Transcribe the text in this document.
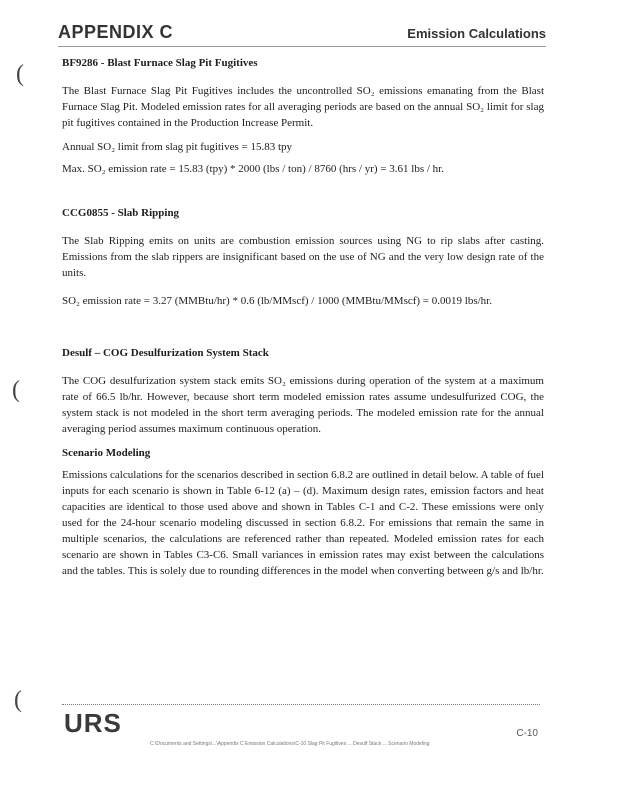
APPENDIX C	Emission Calculations
(
(
(

BF9286 - Blast Furnace Slag Pit Fugitives

The Blast Furnace Slag Pit Fugitives includes the uncontrolled SO₂ emissions emanating from the Blast Furnace Slag Pit. Modeled emission rates for all averaging periods are based on the annual SO₂ limit for slag pit fugitives contained in the Production Increase Permit.

Annual SO₂ limit from slag pit fugitives = 15.83 tpy

Max. SO₂ emission rate = 15.83 (tpy) * 2000 (lbs / ton) / 8760 (hrs / yr) = 3.61 lbs / hr.

CCG0855 - Slab Ripping

The Slab Ripping emits on units are combustion emission sources using NG to rip slabs after casting. Emissions from the slab rippers are insignificant based on the use of NG and the very low design rate of the units.

SO₂ emission rate = 3.27 (MMBtu/hr) * 0.6 (lb/MMscf) / 1000 (MMBtu/MMscf) = 0.0019 lbs/hr.

Desulf – COG Desulfurization System Stack

The COG desulfurization system stack emits SO₂ emissions during operation of the system at a maximum rate of 66.5 lb/hr. However, because short term modeled emission rates assume undesulfurized COG, the system stack is not modeled in the short term averaging periods. The modeled emission rate for the annual averaging period assumes maximum continuous operation.

Scenario Modeling

Emissions calculations for the scenarios described in section 6.8.2 are outlined in detail below. A table of fuel inputs for each scenario is shown in Table 6-12 (a) – (d). Maximum design rates, emission factors and heat capacities are identical to those used above and shown in Tables C-1 and C-2. These emissions were only used for the 24-hour scenario modeling discussed in section 6.8.2. For emissions that remain the same in multiple scenarios, the calculations are referenced rather than repeated. Modeled emission rates for each scenario are shown in Tables C3-C6. Small variances in emission rates may exist between the calculations and the tables. This is solely due to rounding differences in the model when converting between g/s and lb/hr.

URS	C-10
C:\Documents and Settings\...\Appendix C Emission Calculations\C-10 Slag Pit Fugitives ... Desulf Stack ... Scenario Modeling
